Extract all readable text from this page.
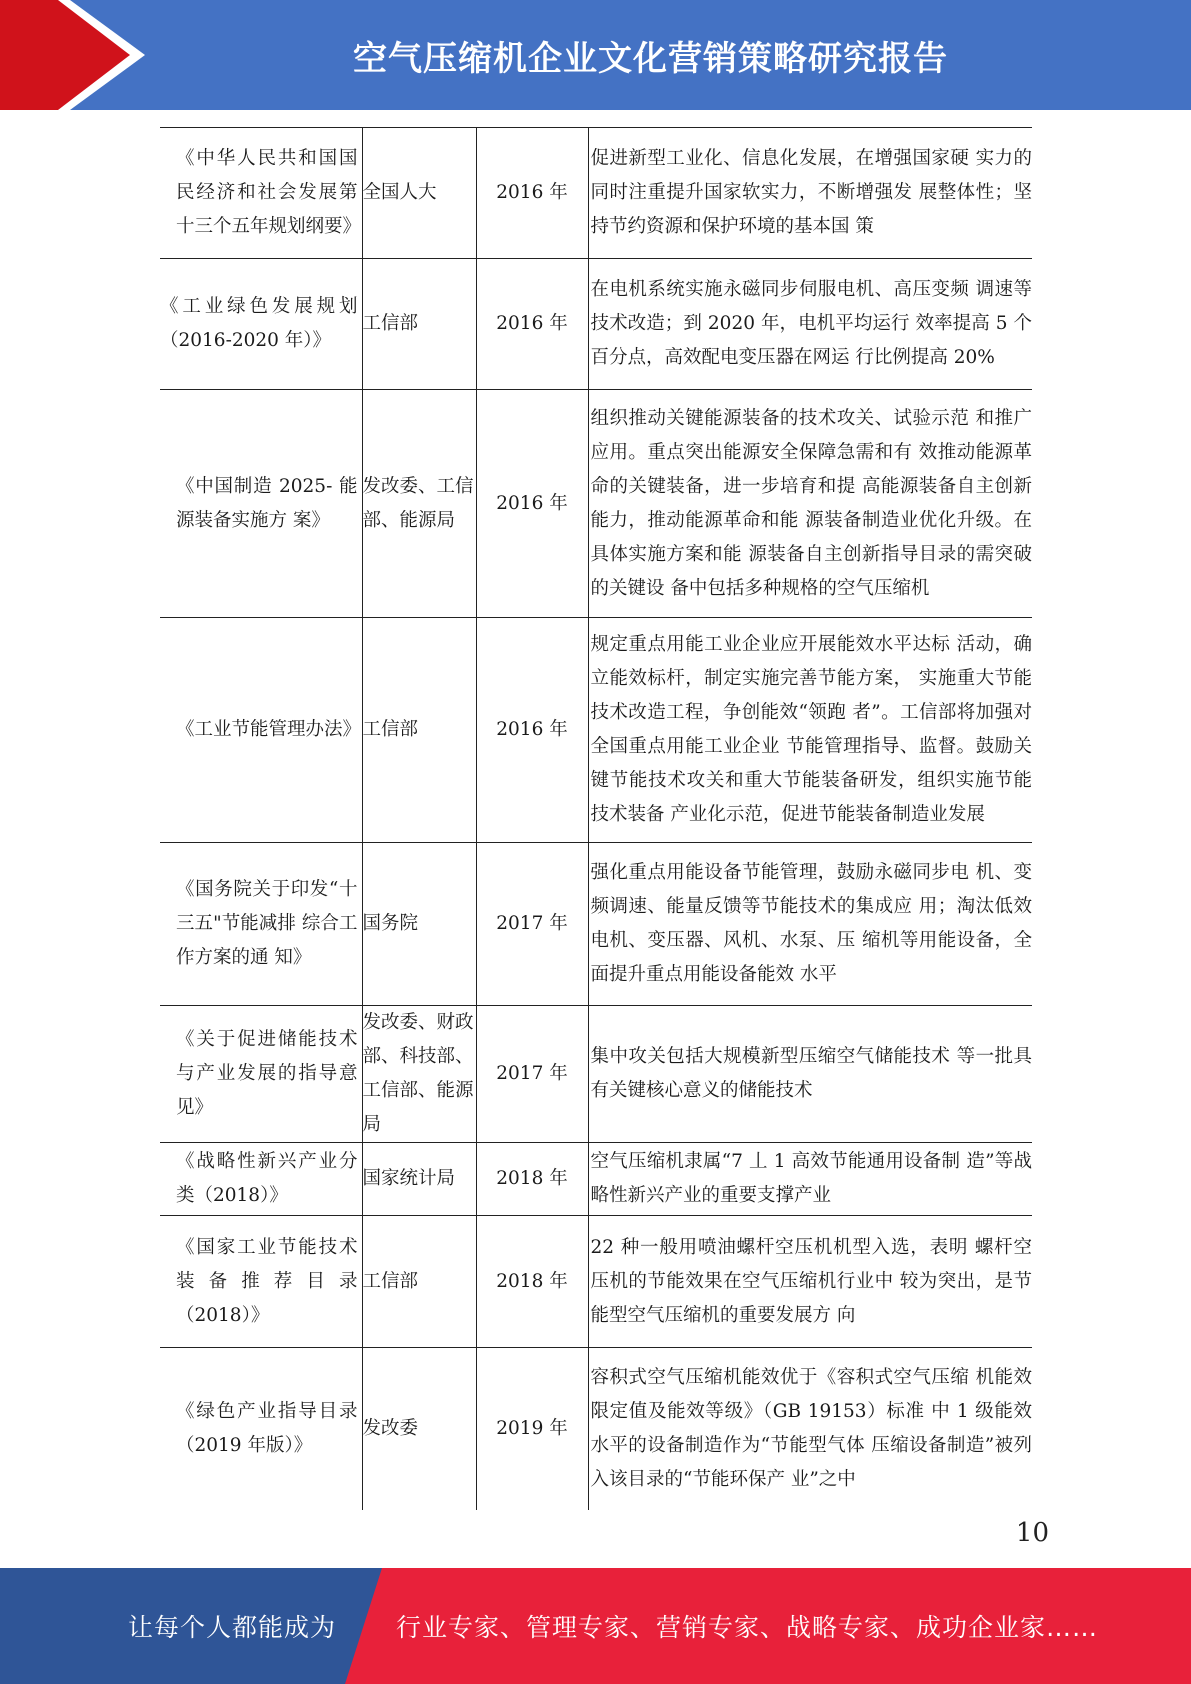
空气压缩机企业文化营销策略研究报告
《中华人民共和国国民经济和社会发展第十三个五年规划纲要》	全国人大	2016 年	促进新型工业化、信息化发展，在增强国家硬 实力的同时注重提升国家软实力，不断增强发 展整体性；坚持节约资源和保护环境的基本国 策
《工业绿色发展规划（2016-2020 年）》	工信部	2016 年	在电机系统实施永磁同步伺服电机、高压变频 调速等技术改造；到 2020 年，电机平均运行 效率提高 5 个百分点，高效配电变压器在网运 行比例提高 20%
《中国制造 2025- 能源装备实施方 案》	发改委、工信部、能源局	2016 年	组织推动关键能源装备的技术攻关、试验示范 和推广应用。重点突出能源安全保障急需和有 效推动能源革命的关键装备，进一步培育和提 高能源装备自主创新能力，推动能源革命和能 源装备制造业优化升级。在具体实施方案和能 源装备自主创新指导目录的需突破的关键设 备中包括多种规格的空气压缩机
《工业节能管理办法》	工信部	2016 年	规定重点用能工业企业应开展能效水平达标 活动，确立能效标杆，制定实施完善节能方案， 实施重大节能技术改造工程，争创能效“领跑 者”。工信部将加强对全国重点用能工业企业 节能管理指导、监督。鼓励关键节能技术攻关和重大节能装备研发，组织实施节能技术装备 产业化示范，促进节能装备制造业发展
《国务院关于印发“十三五"节能减排 综合工作方案的通 知》	国务院	2017 年	强化重点用能设备节能管理，鼓励永磁同步电 机、变频调速、能量反馈等节能技术的集成应 用；淘汰低效电机、变压器、风机、水泵、压 缩机等用能设备，全面提升重点用能设备能效 水平
《关于促进储能技术与产业发展的指导意见》	发改委、财政部、科技部、工信部、能源局	2017 年	集中攻关包括大规模新型压缩空气储能技术 等一批具有关键核心意义的储能技术
《战略性新兴产业分类（2018）》	国家统计局	2018 年	空气压缩机隶属“7 丄 1 高效节能通用设备制 造”等战略性新兴产业的重要支撑产业
《国家工业节能技术装备推荐目录（2018）》	工信部	2018 年	22 种一般用喷油螺杆空压机机型入选，表明 螺杆空压机的节能效果在空气压缩机行业中 较为突出，是节能型空气压缩机的重要发展方 向
《绿色产业指导目录（2019 年版）》	发改委	2019 年	容积式空气压缩机能效优于《容积式空气压缩 机能效限定值及能效等级》（GB 19153）标准 中 1 级能效水平的设备制造作为“节能型气体 压缩设备制造”被列入该目录的“节能环保产 业”之中
10
让每个人都能成为 行业专家、管理专家、营销专家、战略专家、成功企业家……
